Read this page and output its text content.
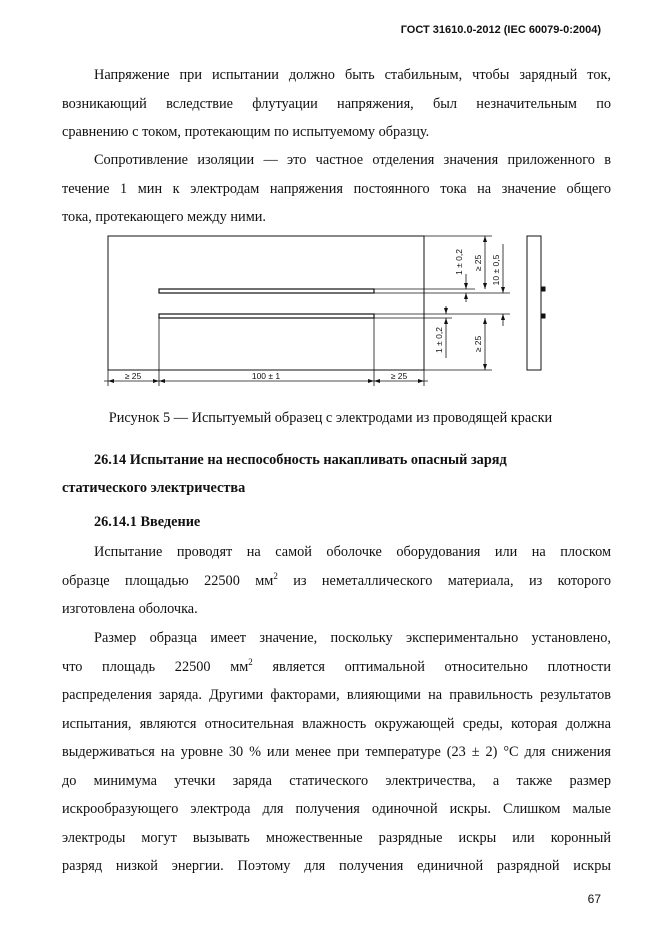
ГОСТ 31610.0-2012 (IEC 60079-0:2004)

Напряжение при испытании должно быть стабильным, чтобы зарядный ток,
возникающий вследствие флутуации напряжения, был незначительным по
сравнению с током, протекающим по испытуемому образцу.

Сопротивление изоляции — это частное отделения значения приложенного в
течение 1 мин к электродам напряжения постоянного тока на значение общего
тока, протекающего между ними.

≥ 25	100 ± 1	≥ 25
1 ± 0,2 ≥ 25 10 ± 0,5
1 ± 0,2	≥ 25
Рисунок 5 — Испытуемый образец с электродами из проводящей краски

26.14 Испытание на неспособность накапливать опасный заряд

статического электричества

26.14.1 Введение

Испытание проводят на самой оболочке оборудования или на плоском
образце площадью 22500 $мм^2$ из неметаллического материала, из которого
изготовлена оболочка.

Размер образца имеет значение, поскольку экспериментально установлено,
что площадь 22500 $мм^2$ является оптимальной относительно плотности
распределения заряда. Другими факторами, влияющими на правильность результатов
испытания, являются относительная влажность окружающей среды, которая должна
выдерживаться на уровне 30 % или менее при температуре (23 ± 2) °С для снижения
до минимума утечки заряда статического электричества, а также размер
искрообразующего электрода для получения одиночной искры. Слишком малые
электроды могут вызывать множественные разрядные искры или коронный
разряд низкой энергии. Поэтому для получения единичной разрядной искры

67
